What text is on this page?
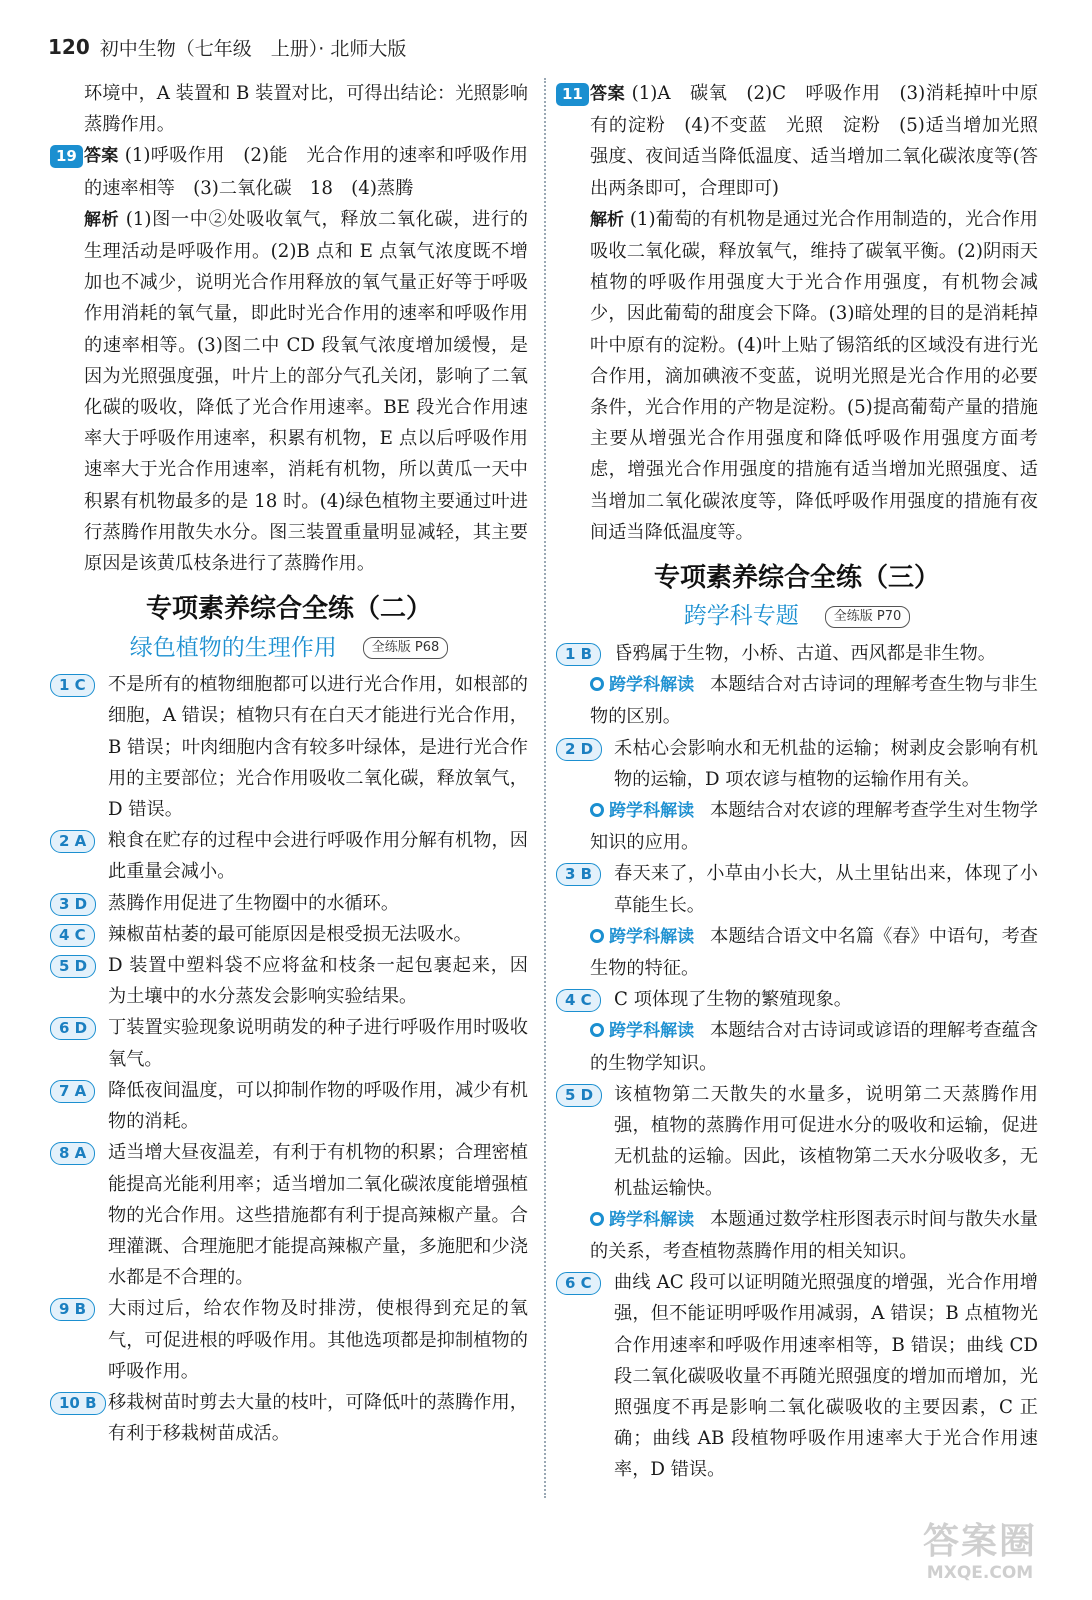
120 初中生物（七年级　上册）· 北师大版

环境中，A 装置和 B 装置对比，可得出结论：光照影响蒸腾作用。

19 答案 (1)呼吸作用　(2)能　光合作用的速率和呼吸作用的速率相等　(3)二氧化碳　18　(4)蒸腾

解析 (1)图一中②处吸收氧气，释放二氧化碳，进行的生理活动是呼吸作用。(2)B 点和 E 点氧气浓度既不增加也不减少，说明光合作用释放的氧气量正好等于呼吸作用消耗的氧气量，即此时光合作用的速率和呼吸作用的速率相等。(3)图二中 CD 段氧气浓度增加缓慢，是因为光照强度强，叶片上的部分气孔关闭，影响了二氧化碳的吸收，降低了光合作用速率。BE 段光合作用速率大于呼吸作用速率，积累有机物，E 点以后呼吸作用速率大于光合作用速率，消耗有机物，所以黄瓜一天中积累有机物最多的是 18 时。(4)绿色植物主要通过叶进行蒸腾作用散失水分。图三装置重量明显减轻，其主要原因是该黄瓜枝条进行了蒸腾作用。

专项素养综合全练（二）
绿色植物的生理作用	全练版 P68
1 C	不是所有的植物细胞都可以进行光合作用，如根部的细胞，A 错误；植物只有在白天才能进行光合作用，B 错误；叶肉细胞内含有较多叶绿体，是进行光合作用的主要部位；光合作用吸收二氧化碳，释放氧气，D 错误。
2 A	粮食在贮存的过程中会进行呼吸作用分解有机物，因此重量会减小。
3 D	蒸腾作用促进了生物圈中的水循环。
4 C	辣椒苗枯萎的最可能原因是根受损无法吸水。
5 D	D 装置中塑料袋不应将盆和枝条一起包裹起来，因为土壤中的水分蒸发会影响实验结果。
6 D	丁装置实验现象说明萌发的种子进行呼吸作用时吸收氧气。
7 A	降低夜间温度，可以抑制作物的呼吸作用，减少有机物的消耗。
8 A	适当增大昼夜温差，有利于有机物的积累；合理密植能提高光能利用率；适当增加二氧化碳浓度能增强植物的光合作用。这些措施都有利于提高辣椒产量。合理灌溉、合理施肥才能提高辣椒产量，多施肥和少浇水都是不合理的。
9 B	大雨过后，给农作物及时排涝，使根得到充足的氧气，可促进根的呼吸作用。其他选项都是抑制植物的呼吸作用。
10 B 移栽树苗时剪去大量的枝叶，可降低叶的蒸腾作用，有利于移栽树苗成活。
11 答案 (1)A　碳氧　(2)C　呼吸作用　(3)消耗掉叶中原有的淀粉　(4)不变蓝　光照　淀粉　(5)适当增加光照强度、夜间适当降低温度、适当增加二氧化碳浓度等(答出两条即可，合理即可)

解析 (1)葡萄的有机物是通过光合作用制造的，光合作用吸收二氧化碳，释放氧气，维持了碳氧平衡。(2)阴雨天植物的呼吸作用强度大于光合作用强度，有机物会减少，因此葡萄的甜度会下降。(3)暗处理的目的是消耗掉叶中原有的淀粉。(4)叶上贴了锡箔纸的区域没有进行光合作用，滴加碘液不变蓝，说明光照是光合作用的必要条件，光合作用的产物是淀粉。(5)提高葡萄产量的措施主要从增强光合作用强度和降低呼吸作用强度方面考虑，增强光合作用强度的措施有适当增加光照强度、适当增加二氧化碳浓度等，降低呼吸作用强度的措施有夜间适当降低温度等。

专项素养综合全练（三）
跨学科专题	全练版 P70
1 B	昏鸦属于生物，小桥、古道、西风都是非生物。
跨学科解读 本题结合对古诗词的理解考查生物与非生物的区别。
2 D	禾枯心会影响水和无机盐的运输；树剥皮会影响有机物的运输，D 项农谚与植物的运输作用有关。
跨学科解读 本题结合对农谚的理解考查学生对生物学知识的应用。
3 B	春天来了，小草由小长大，从土里钻出来，体现了小草能生长。
跨学科解读 本题结合语文中名篇《春》中语句，考查生物的特征。
4 C	C 项体现了生物的繁殖现象。
跨学科解读 本题结合对古诗词或谚语的理解考查蕴含的生物学知识。
5 D	该植物第二天散失的水量多，说明第二天蒸腾作用强，植物的蒸腾作用可促进水分的吸收和运输，促进无机盐的运输。因此，该植物第二天水分吸收多，无机盐运输快。
跨学科解读 本题通过数学柱形图表示时间与散失水量的关系，考查植物蒸腾作用的相关知识。
6 C	曲线 AC 段可以证明随光照强度的增强，光合作用增强，但不能证明呼吸作用减弱，A 错误；B 点植物光合作用速率和呼吸作用速率相等，B 错误；曲线 CD 段二氧化碳吸收量不再随光照强度的增加而增加，光照强度不再是影响二氧化碳吸收的主要因素，C 正确；曲线 AB 段植物呼吸作用速率大于光合作用速率，D 错误。
答案圈
MXQE.COM
